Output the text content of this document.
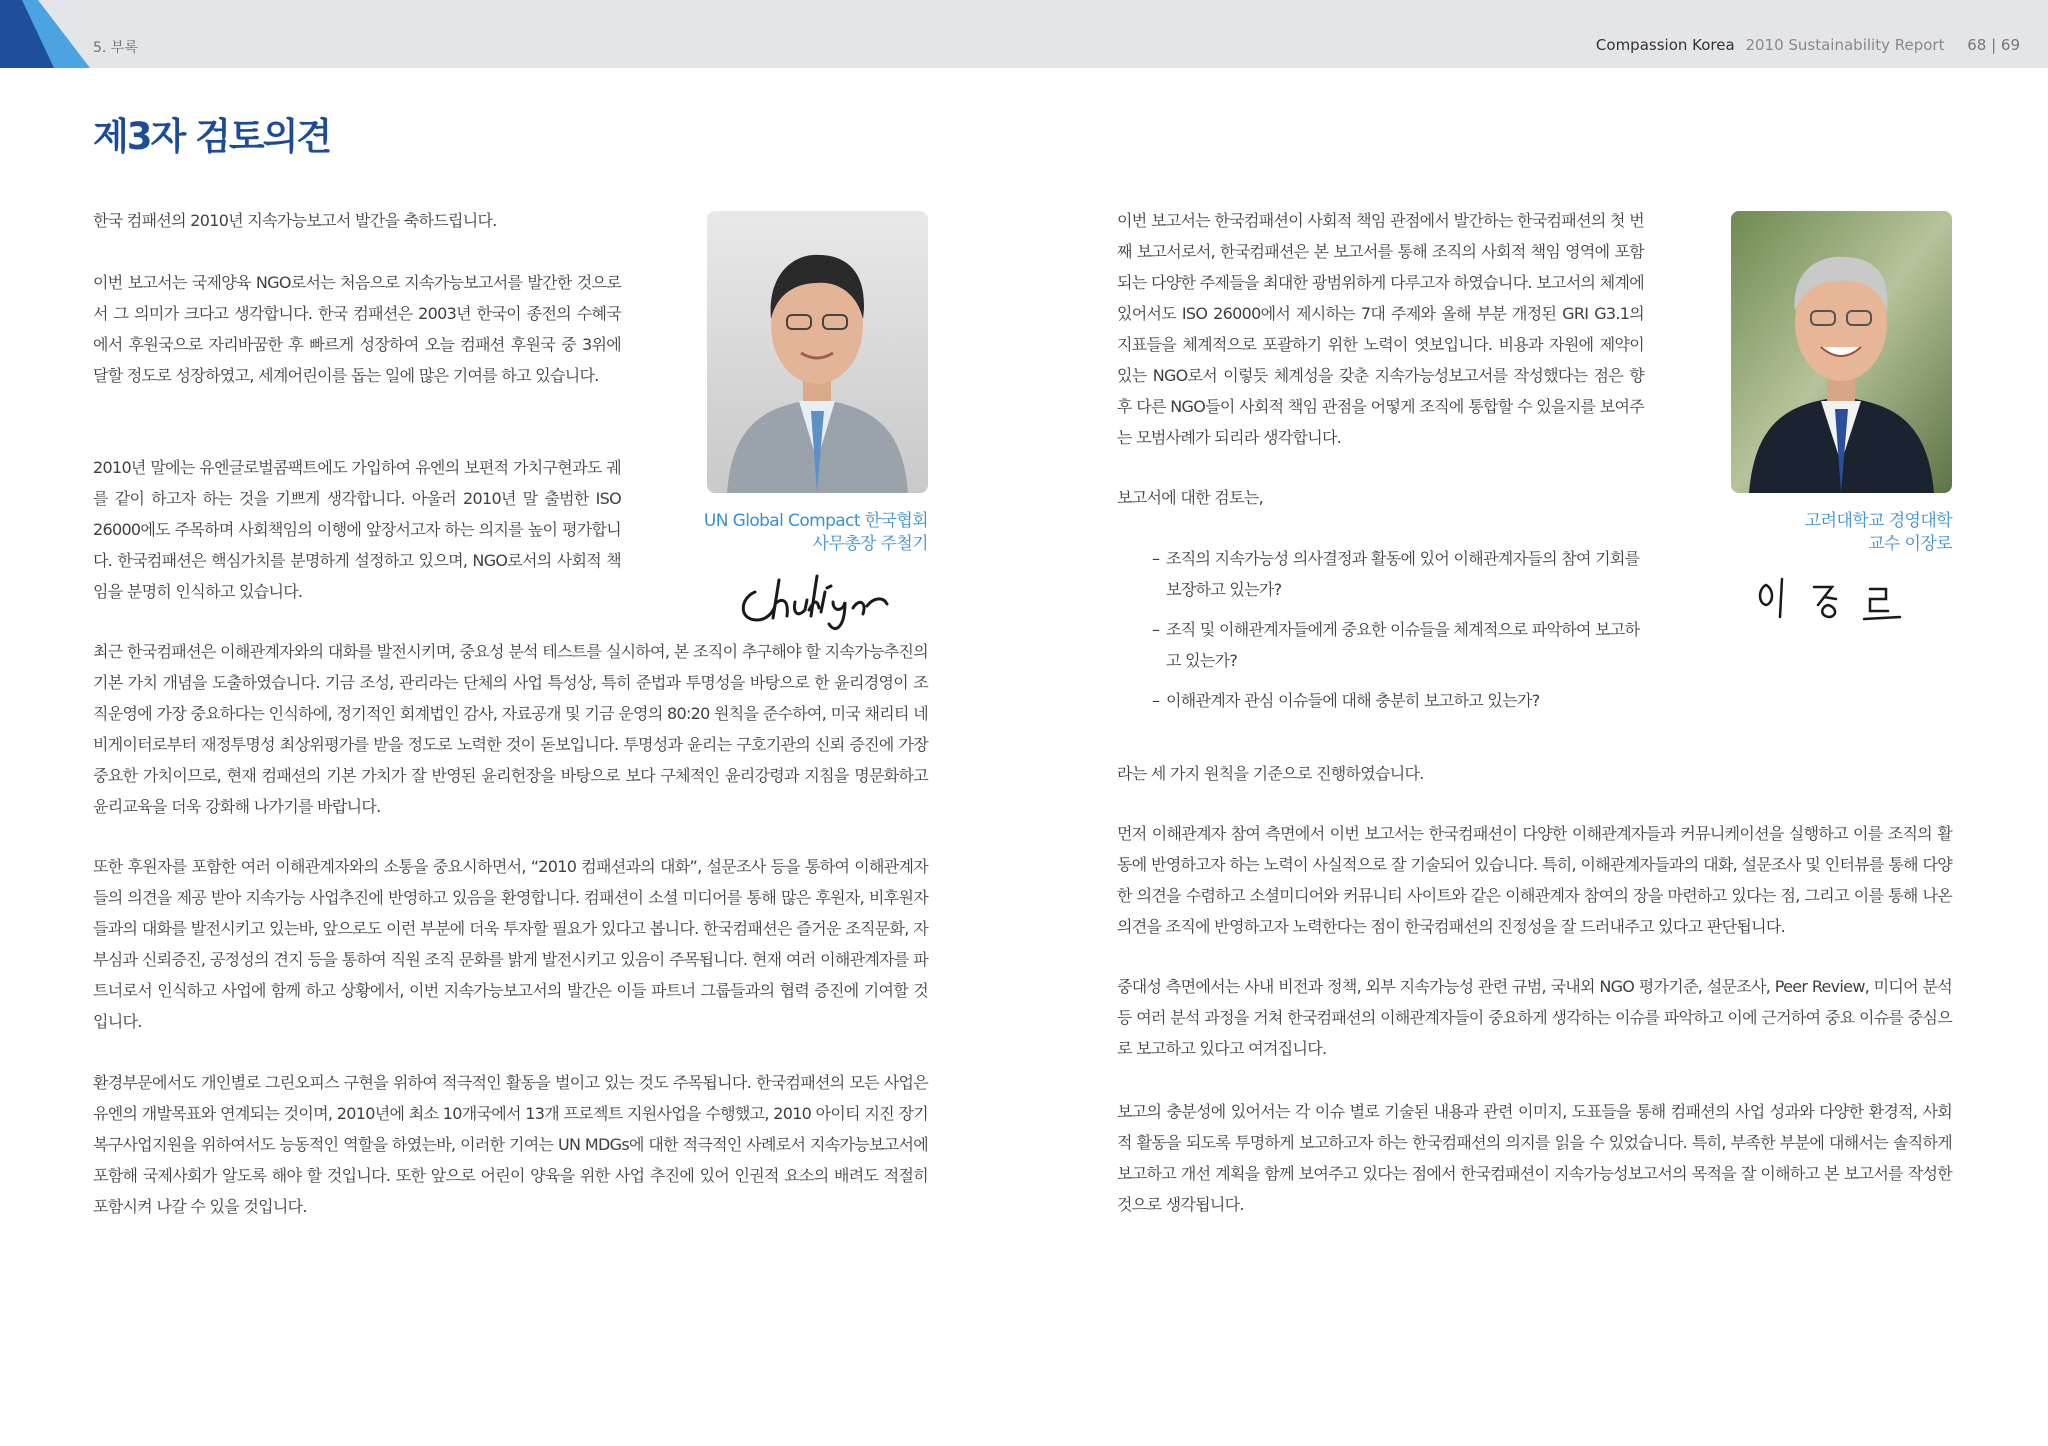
5. 부록	Compassion Korea 2010 Sustainability Report 68 | 69
제3자 검토의견

한국 컴패션의 2010년 지속가능보고서 발간을 축하드립니다.

이번 보고서는 국제양육 NGO로서는 처음으로 지속가능보고서를 발간한 것으로서 그 의미가 크다고 생각합니다. 한국 컴패션은 2003년 한국이 종전의 수혜국에서 후원국으로 자리바꿈한 후 빠르게 성장하여 오늘 컴패션 후원국 중 3위에 달할 정도로 성장하였고, 세계어린이를 돕는 일에 많은 기여를 하고 있습니다.

2010년 말에는 유엔글로벌콤팩트에도 가입하여 유엔의 보편적 가치구현과도 궤를 같이 하고자 하는 것을 기쁘게 생각합니다. 아울러 2010년 말 출범한 ISO 26000에도 주목하며 사회책임의 이행에 앞장서고자 하는 의지를 높이 평가합니다. 한국컴패션은 핵심가치를 분명하게 설정하고 있으며, NGO로서의 사회적 책임을 분명히 인식하고 있습니다.

최근 한국컴패션은 이해관계자와의 대화를 발전시키며, 중요성 분석 테스트를 실시하여, 본 조직이 추구해야 할 지속가능추진의 기본 가치 개념을 도출하였습니다. 기금 조성, 관리라는 단체의 사업 특성상, 특히 준법과 투명성을 바탕으로 한 윤리경영이 조직운영에 가장 중요하다는 인식하에, 정기적인 회계법인 감사, 자료공개 및 기금 운영의 80:20 원칙을 준수하여, 미국 채리티 네비게이터로부터 재정투명성 최상위평가를 받을 정도로 노력한 것이 돋보입니다. 투명성과 윤리는 구호기관의 신뢰 증진에 가장 중요한 가치이므로, 현재 컴패션의 기본 가치가 잘 반영된 윤리헌장을 바탕으로 보다 구체적인 윤리강령과 지침을 명문화하고 윤리교육을 더욱 강화해 나가기를 바랍니다.

또한 후원자를 포함한 여러 이해관계자와의 소통을 중요시하면서, “2010 컴패션과의 대화”, 설문조사 등을 통하여 이해관계자들의 의견을 제공 받아 지속가능 사업추진에 반영하고 있음을 환영합니다. 컴패션이 소셜 미디어를 통해 많은 후원자, 비후원자들과의 대화를 발전시키고 있는바, 앞으로도 이런 부분에 더욱 투자할 필요가 있다고 봅니다. 한국컴패션은 즐거운 조직문화, 자부심과 신뢰증진, 공정성의 견지 등을 통하여 직원 조직 문화를 밝게 발전시키고 있음이 주목됩니다. 현재 여러 이해관계자를 파트너로서 인식하고 사업에 함께 하고 상황에서, 이번 지속가능보고서의 발간은 이들 파트너 그룹들과의 협력 증진에 기여할 것입니다.

환경부문에서도 개인별로 그린오피스 구현을 위하여 적극적인 활동을 벌이고 있는 것도 주목됩니다. 한국컴패션의 모든 사업은 유엔의 개발목표와 연계되는 것이며, 2010년에 최소 10개국에서 13개 프로젝트 지원사업을 수행했고, 2010 아이티 지진 장기복구사업지원을 위하여서도 능동적인 역할을 하였는바, 이러한 기여는 UN MDGs에 대한 적극적인 사례로서 지속가능보고서에 포함해 국제사회가 알도록 해야 할 것입니다. 또한 앞으로 어린이 양육을 위한 사업 추진에 있어 인권적 요소의 배려도 적절히 포함시켜 나갈 수 있을 것입니다.

UN Global Compact 한국협회
사무총장 주철기

이번 보고서는 한국컴패션이 사회적 책임 관점에서 발간하는 한국컴패션의 첫 번째 보고서로서, 한국컴패션은 본 보고서를 통해 조직의 사회적 책임 영역에 포함되는 다양한 주제들을 최대한 광범위하게 다루고자 하였습니다. 보고서의 체계에 있어서도 ISO 26000에서 제시하는 7대 주제와 올해 부분 개정된 GRI G3.1의 지표들을 체계적으로 포괄하기 위한 노력이 엿보입니다. 비용과 자원에 제약이 있는 NGO로서 이렇듯 체계성을 갖춘 지속가능성보고서를 작성했다는 점은 향후 다른 NGO들이 사회적 책임 관점을 어떻게 조직에 통합할 수 있을지를 보여주는 모범사례가 되리라 생각합니다.

보고서에 대한 검토는,

– 조직의 지속가능성 의사결정과 활동에 있어 이해관계자들의 참여 기회를 보장하고 있는가?
– 조직 및 이해관계자들에게 중요한 이슈들을 체계적으로 파악하여 보고하고 있는가?
– 이해관계자 관심 이슈들에 대해 충분히 보고하고 있는가?

라는 세 가지 원칙을 기준으로 진행하였습니다.

먼저 이해관계자 참여 측면에서 이번 보고서는 한국컴패션이 다양한 이해관계자들과 커뮤니케이션을 실행하고 이를 조직의 활동에 반영하고자 하는 노력이 사실적으로 잘 기술되어 있습니다. 특히, 이해관계자들과의 대화, 설문조사 및 인터뷰를 통해 다양한 의견을 수렴하고 소셜미디어와 커뮤니티 사이트와 같은 이해관계자 참여의 장을 마련하고 있다는 점, 그리고 이를 통해 나온 의견을 조직에 반영하고자 노력한다는 점이 한국컴패션의 진정성을 잘 드러내주고 있다고 판단됩니다.

중대성 측면에서는 사내 비전과 정책, 외부 지속가능성 관련 규범, 국내외 NGO 평가기준, 설문조사, Peer Review, 미디어 분석 등 여러 분석 과정을 거쳐 한국컴패션의 이해관계자들이 중요하게 생각하는 이슈를 파악하고 이에 근거하여 중요 이슈를 중심으로 보고하고 있다고 여겨집니다.

보고의 충분성에 있어서는 각 이슈 별로 기술된 내용과 관련 이미지, 도표들을 통해 컴패션의 사업 성과와 다양한 환경적, 사회적 활동을 되도록 투명하게 보고하고자 하는 한국컴패션의 의지를 읽을 수 있었습니다. 특히, 부족한 부분에 대해서는 솔직하게 보고하고 개선 계획을 함께 보여주고 있다는 점에서 한국컴패션이 지속가능성보고서의 목적을 잘 이해하고 본 보고서를 작성한 것으로 생각됩니다.

고려대학교 경영대학
교수 이장로
